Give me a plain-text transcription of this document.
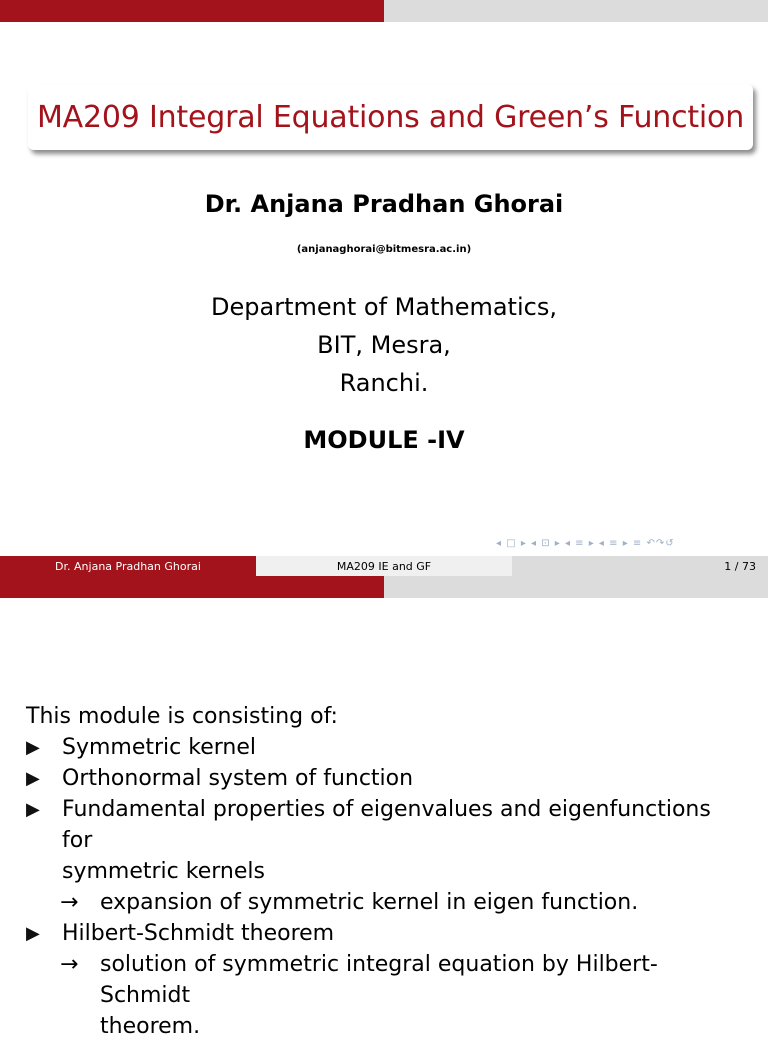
MA209 Integral Equations and Green’s Function
Dr. Anjana Pradhan Ghorai
(anjanaghorai@bitmesra.ac.in)
Department of Mathematics,
BIT, Mesra,
Ranchi.
MODULE -IV
◂ □ ▸ ◂ ⊡ ▸ ◂ ≡ ▸ ◂ ≡ ▸ ≡ ↶↷↺
Dr. Anjana Pradhan Ghorai	MA209 IE and GF	1 / 73
This module is consisting of:
▶ Symmetric kernel
▶ Orthonormal system of function
▶ Fundamental properties of eigenvalues and eigenfunctions for
symmetric kernels
→ expansion of symmetric kernel in eigen function.
▶ Hilbert-Schmidt theorem
→ solution of symmetric integral equation by Hilbert- Schmidt
theorem.
